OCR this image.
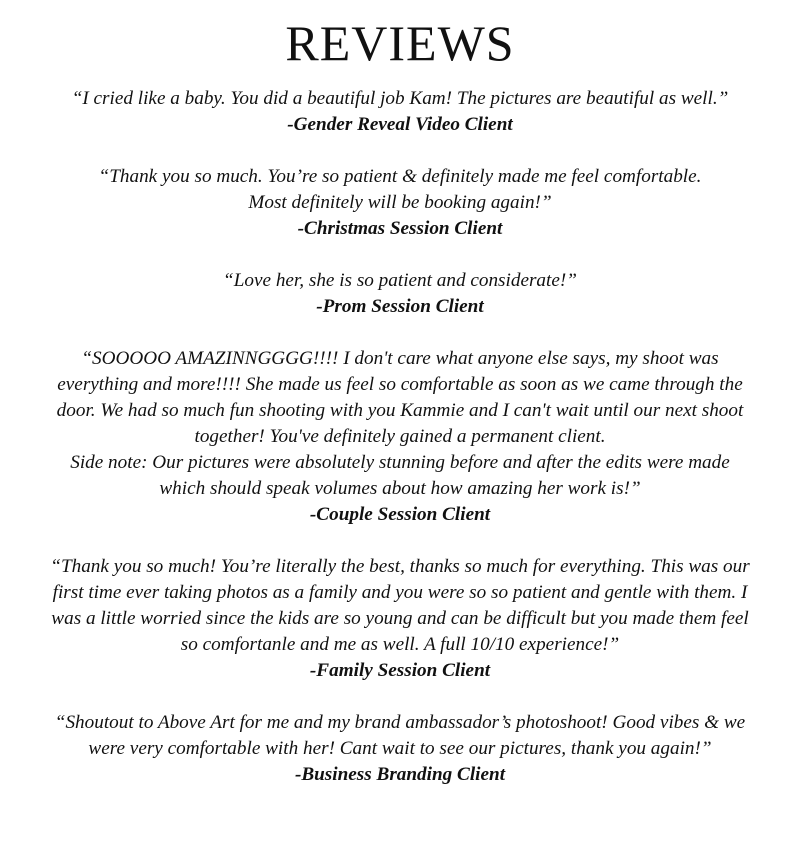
REVIEWS

“I cried like a baby. You did a beautiful job Kam! The pictures are beautiful as well.”

-Gender Reveal Video Client

“Thank you so much. You’re so patient & definitely made me feel comfortable.
Most definitely will be booking again!”

-Christmas Session Client

“Love her, she is so patient and considerate!”

-Prom Session Client

“SOOOOO AMAZINNGGGG!!!! I don't care what anyone else says, my shoot was everything and more!!!! She made us feel so comfortable as soon as we came through the door. We had so much fun shooting with you Kammie and I can't wait until our next shoot together! You've definitely gained a permanent client.
Side note: Our pictures were absolutely stunning before and after the edits were made which should speak volumes about how amazing her work is!”

-Couple Session Client

“Thank you so much! You’re literally the best, thanks so much for everything. This was our first time ever taking photos as a family and you were so so patient and gentle with them. I was a little worried since the kids are so young and can be difficult but you made them feel so comfortanle and me as well. A full 10/10 experience!”

-Family Session Client

“Shoutout to Above Art for me and my brand ambassador’s photoshoot! Good vibes & we were very comfortable with her! Cant wait to see our pictures, thank you again!”

-Business Branding Client
